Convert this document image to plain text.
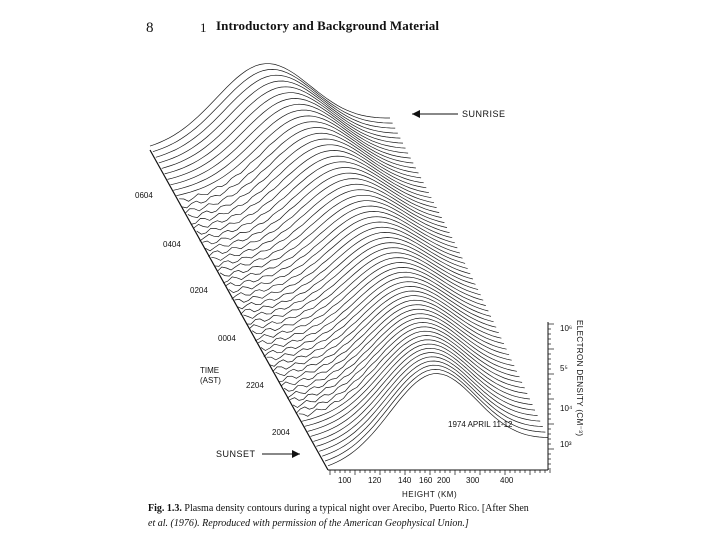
8	1 Introductory and Background Material
SUNRISE
SUNSET
0604
0404
0204
0004
2204
2004
TIME
(AST)
100 120 140 160 200 300	400
HEIGHT (KM)
10⁶
5⁵
10⁴
10³
ELECTRON DENSITY (CM⁻³)
1974 APRIL 11-12
Fig. 1.3. Plasma density contours during a typical night over Arecibo, Puerto Rico. [After Shen
et al. (1976). Reproduced with permission of the American Geophysical Union.]
